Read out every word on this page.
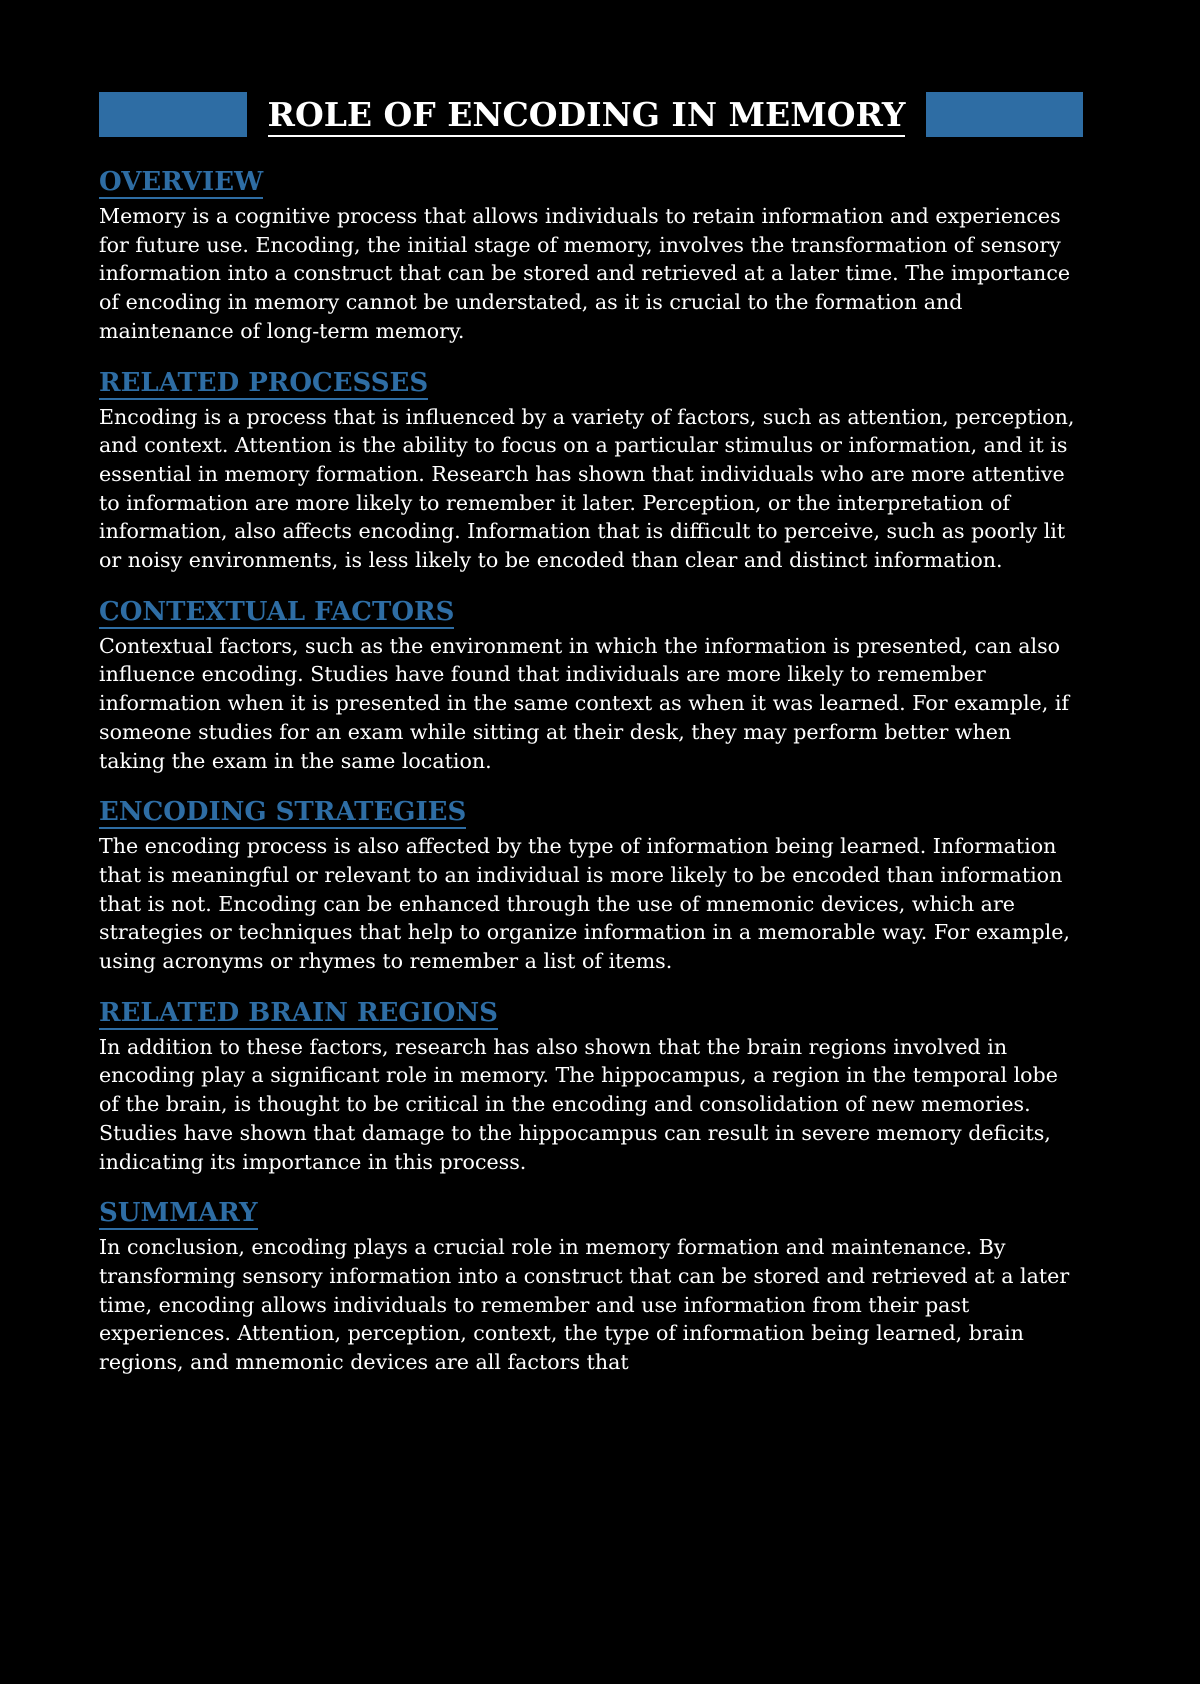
ROLE OF ENCODING IN MEMORY
OVERVIEW

Memory is a cognitive process that allows individuals to retain information and experiences for future use. Encoding, the initial stage of memory, involves the transformation of sensory information into a construct that can be stored and retrieved at a later time. The importance of encoding in memory cannot be understated, as it is crucial to the formation and maintenance of long-term memory.

RELATED PROCESSES

Encoding is a process that is influenced by a variety of factors, such as attention, perception, and context. Attention is the ability to focus on a particular stimulus or information, and it is essential in memory formation. Research has shown that individuals who are more attentive to information are more likely to remember it later. Perception, or the interpretation of information, also affects encoding. Information that is difficult to perceive, such as poorly lit or noisy environments, is less likely to be encoded than clear and distinct information.

CONTEXTUAL FACTORS

Contextual factors, such as the environment in which the information is presented, can also influence encoding. Studies have found that individuals are more likely to remember information when it is presented in the same context as when it was learned. For example, if someone studies for an exam while sitting at their desk, they may perform better when taking the exam in the same location.

ENCODING STRATEGIES

The encoding process is also affected by the type of information being learned. Information that is meaningful or relevant to an individual is more likely to be encoded than information that is not. Encoding can be enhanced through the use of mnemonic devices, which are strategies or techniques that help to organize information in a memorable way. For example, using acronyms or rhymes to remember a list of items.

RELATED BRAIN REGIONS

In addition to these factors, research has also shown that the brain regions involved in encoding play a significant role in memory. The hippocampus, a region in the temporal lobe of the brain, is thought to be critical in the encoding and consolidation of new memories. Studies have shown that damage to the hippocampus can result in severe memory deficits, indicating its importance in this process.

SUMMARY

In conclusion, encoding plays a crucial role in memory formation and maintenance. By transforming sensory information into a construct that can be stored and retrieved at a later time, encoding allows individuals to remember and use information from their past experiences. Attention, perception, context, the type of information being learned, brain regions, and mnemonic devices are all factors that
